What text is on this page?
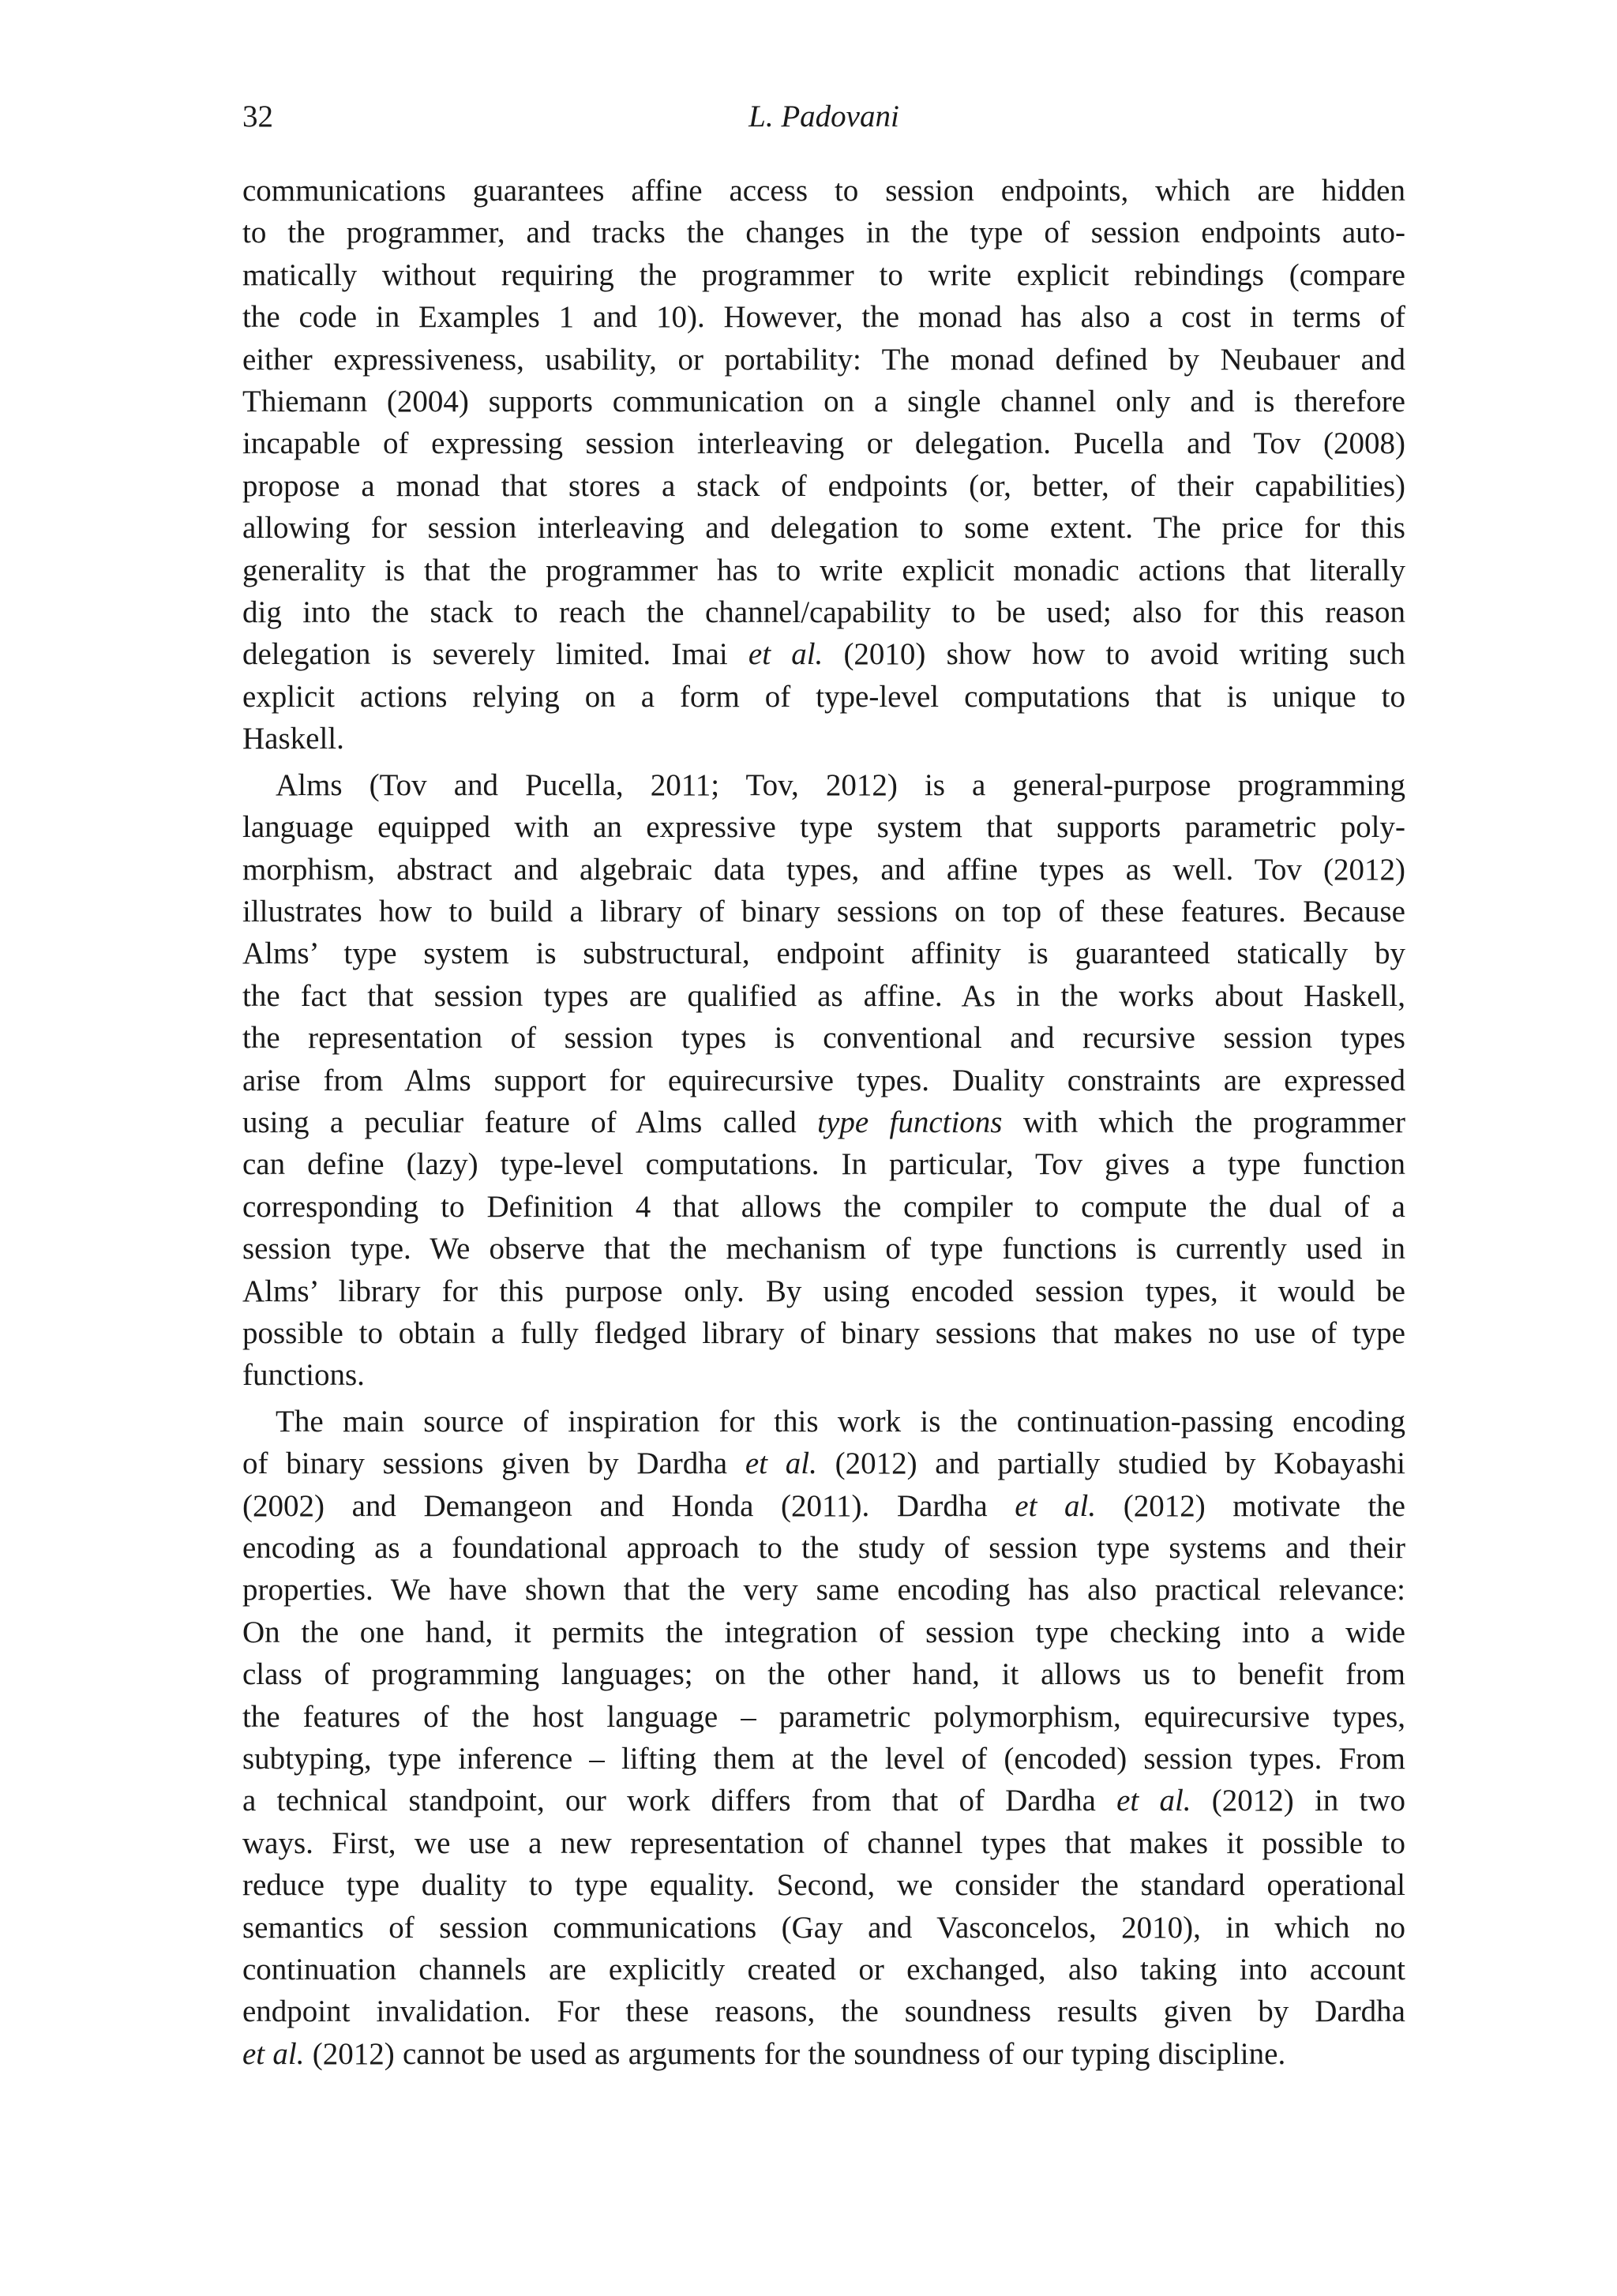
32	L. Padovani

communications guarantees affine access to session endpoints, which are hidden
to the programmer, and tracks the changes in the type of session endpoints auto-
matically without requiring the programmer to write explicit rebindings (compare
the code in Examples 1 and 10). However, the monad has also a cost in terms of
either expressiveness, usability, or portability: The monad defined by Neubauer and
Thiemann (2004) supports communication on a single channel only and is therefore
incapable of expressing session interleaving or delegation. Pucella and Tov (2008)
propose a monad that stores a stack of endpoints (or, better, of their capabilities)
allowing for session interleaving and delegation to some extent. The price for this
generality is that the programmer has to write explicit monadic actions that literally
dig into the stack to reach the channel/capability to be used; also for this reason
delegation is severely limited. Imai et al. (2010) show how to avoid writing such
explicit actions relying on a form of type-level computations that is unique to
Haskell.

Alms (Tov and Pucella, 2011; Tov, 2012) is a general-purpose programming
language equipped with an expressive type system that supports parametric poly-
morphism, abstract and algebraic data types, and affine types as well. Tov (2012)
illustrates how to build a library of binary sessions on top of these features. Because
Alms’ type system is substructural, endpoint affinity is guaranteed statically by
the fact that session types are qualified as affine. As in the works about Haskell,
the representation of session types is conventional and recursive session types
arise from Alms support for equirecursive types. Duality constraints are expressed
using a peculiar feature of Alms called type functions with which the programmer
can define (lazy) type-level computations. In particular, Tov gives a type function
corresponding to Definition 4 that allows the compiler to compute the dual of a
session type. We observe that the mechanism of type functions is currently used in
Alms’ library for this purpose only. By using encoded session types, it would be
possible to obtain a fully fledged library of binary sessions that makes no use of type
functions.

The main source of inspiration for this work is the continuation-passing encoding
of binary sessions given by Dardha et al. (2012) and partially studied by Kobayashi
(2002) and Demangeon and Honda (2011). Dardha et al. (2012) motivate the
encoding as a foundational approach to the study of session type systems and their
properties. We have shown that the very same encoding has also practical relevance:
On the one hand, it permits the integration of session type checking into a wide
class of programming languages; on the other hand, it allows us to benefit from
the features of the host language – parametric polymorphism, equirecursive types,
subtyping, type inference – lifting them at the level of (encoded) session types. From
a technical standpoint, our work differs from that of Dardha et al. (2012) in two
ways. First, we use a new representation of channel types that makes it possible to
reduce type duality to type equality. Second, we consider the standard operational
semantics of session communications (Gay and Vasconcelos, 2010), in which no
continuation channels are explicitly created or exchanged, also taking into account
endpoint invalidation. For these reasons, the soundness results given by Dardha
et al. (2012) cannot be used as arguments for the soundness of our typing discipline.
